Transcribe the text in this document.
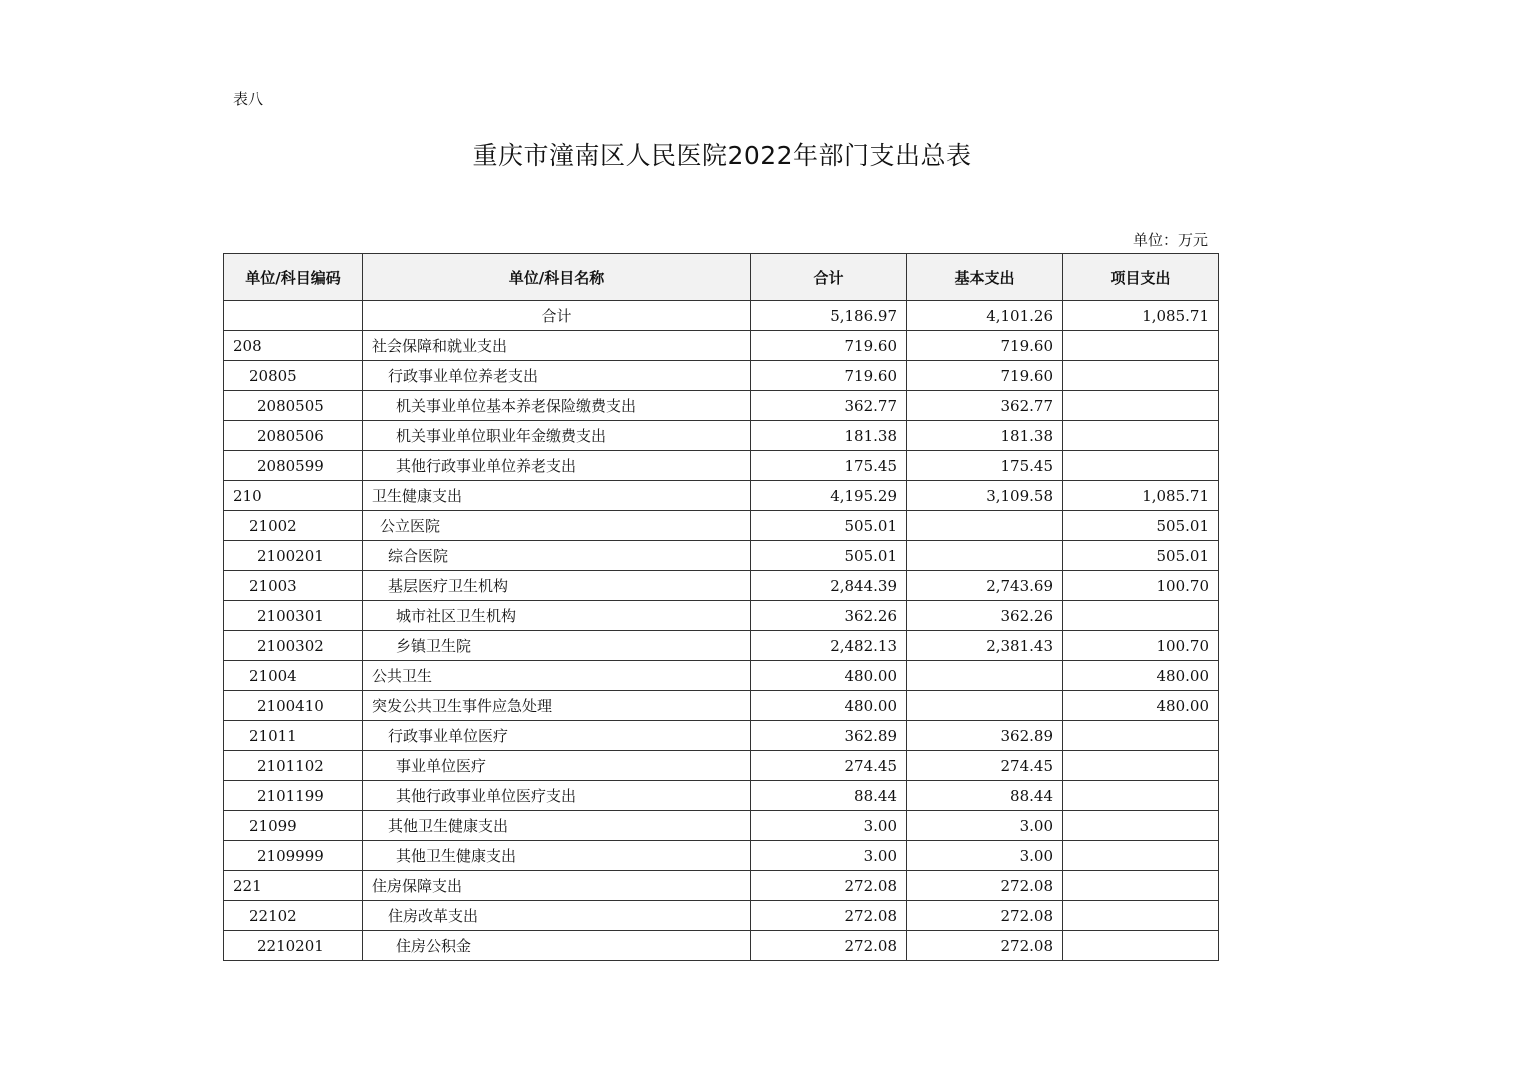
表八
重庆市潼南区人民医院2022年部门支出总表
单位：万元
单位/科目编码	单位/科目名称	合计	基本支出	项目支出
	合计	5,186.97	4,101.26	1,085.71
208	社会保障和就业支出	719.60	719.60	
20805	行政事业单位养老支出	719.60	719.60	
2080505	机关事业单位基本养老保险缴费支出	362.77	362.77	
2080506	机关事业单位职业年金缴费支出	181.38	181.38	
2080599	其他行政事业单位养老支出	175.45	175.45	
210	卫生健康支出	4,195.29	3,109.58	1,085.71
21002	公立医院	505.01		505.01
2100201	综合医院	505.01		505.01
21003	基层医疗卫生机构	2,844.39	2,743.69	100.70
2100301	城市社区卫生机构	362.26	362.26	
2100302	乡镇卫生院	2,482.13	2,381.43	100.70
21004	公共卫生	480.00		480.00
2100410	突发公共卫生事件应急处理	480.00		480.00
21011	行政事业单位医疗	362.89	362.89	
2101102	事业单位医疗	274.45	274.45	
2101199	其他行政事业单位医疗支出	88.44	88.44	
21099	其他卫生健康支出	3.00	3.00	
2109999	其他卫生健康支出	3.00	3.00	
221	住房保障支出	272.08	272.08	
22102	住房改革支出	272.08	272.08	
2210201	住房公积金	272.08	272.08	
